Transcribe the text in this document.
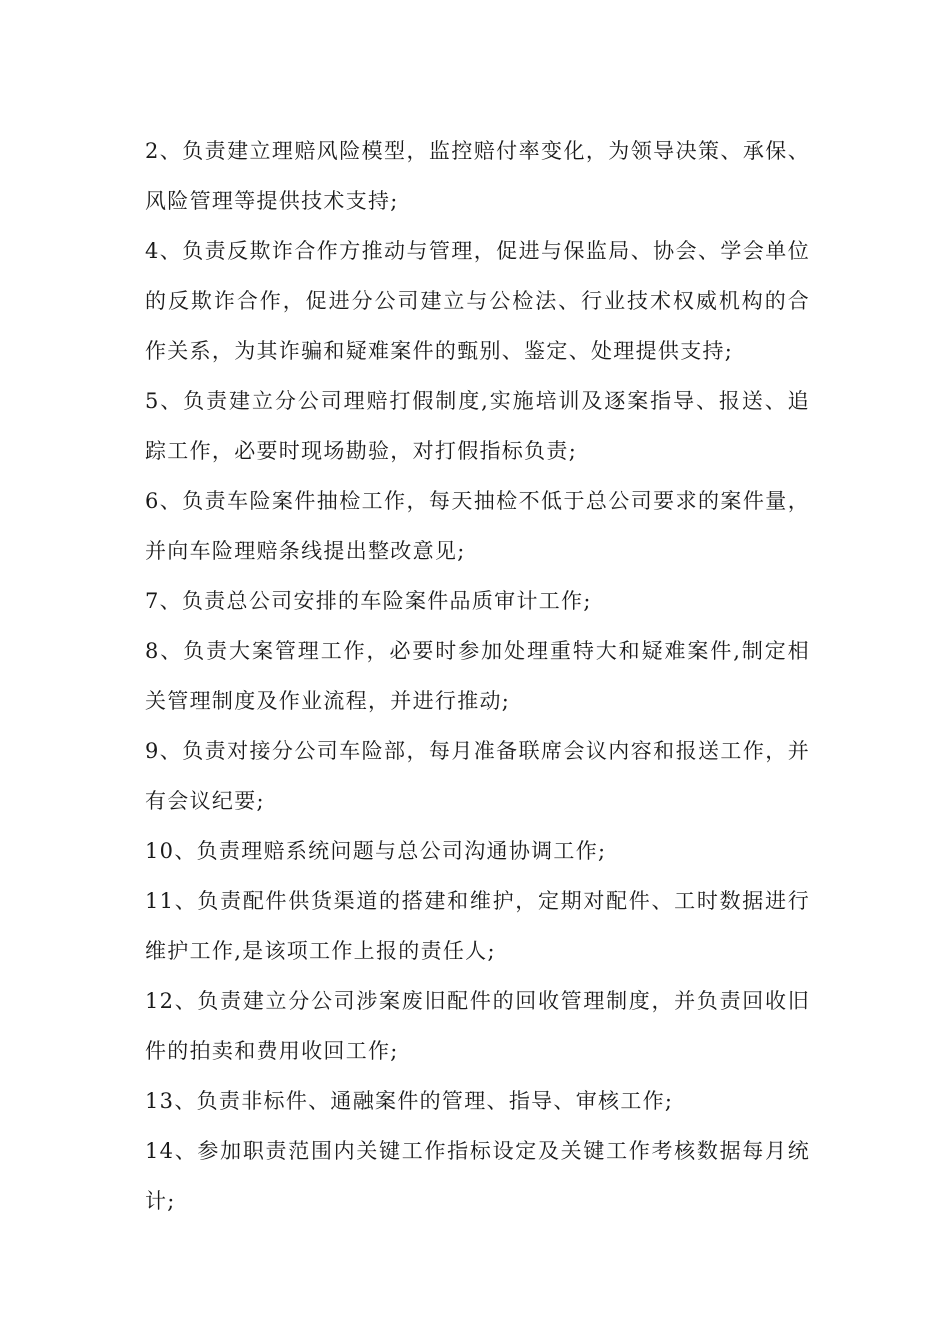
2、负责建立理赔风险模型，监控赔付率变化，为领导决策、承保、风险管理等提供技术支持;

4、负责反欺诈合作方推动与管理，促进与保监局、协会、学会单位的反欺诈合作，促进分公司建立与公检法、行业技术权威机构的合作关系，为其诈骗和疑难案件的甄别、鉴定、处理提供支持;

5、负责建立分公司理赔打假制度,实施培训及逐案指导、报送、追踪工作，必要时现场勘验，对打假指标负责;

6、负责车险案件抽检工作，每天抽检不低于总公司要求的案件量，并向车险理赔条线提出整改意见;

7、负责总公司安排的车险案件品质审计工作;

8、负责大案管理工作，必要时参加处理重特大和疑难案件,制定相关管理制度及作业流程，并进行推动;

9、负责对接分公司车险部，每月准备联席会议内容和报送工作，并有会议纪要;

10、负责理赔系统问题与总公司沟通协调工作;

11、负责配件供货渠道的搭建和维护，定期对配件、工时数据进行维护工作,是该项工作上报的责任人;

12、负责建立分公司涉案废旧配件的回收管理制度，并负责回收旧件的拍卖和费用收回工作;

13、负责非标件、通融案件的管理、指导、审核工作;

14、参加职责范围内关键工作指标设定及关键工作考核数据每月统计;
